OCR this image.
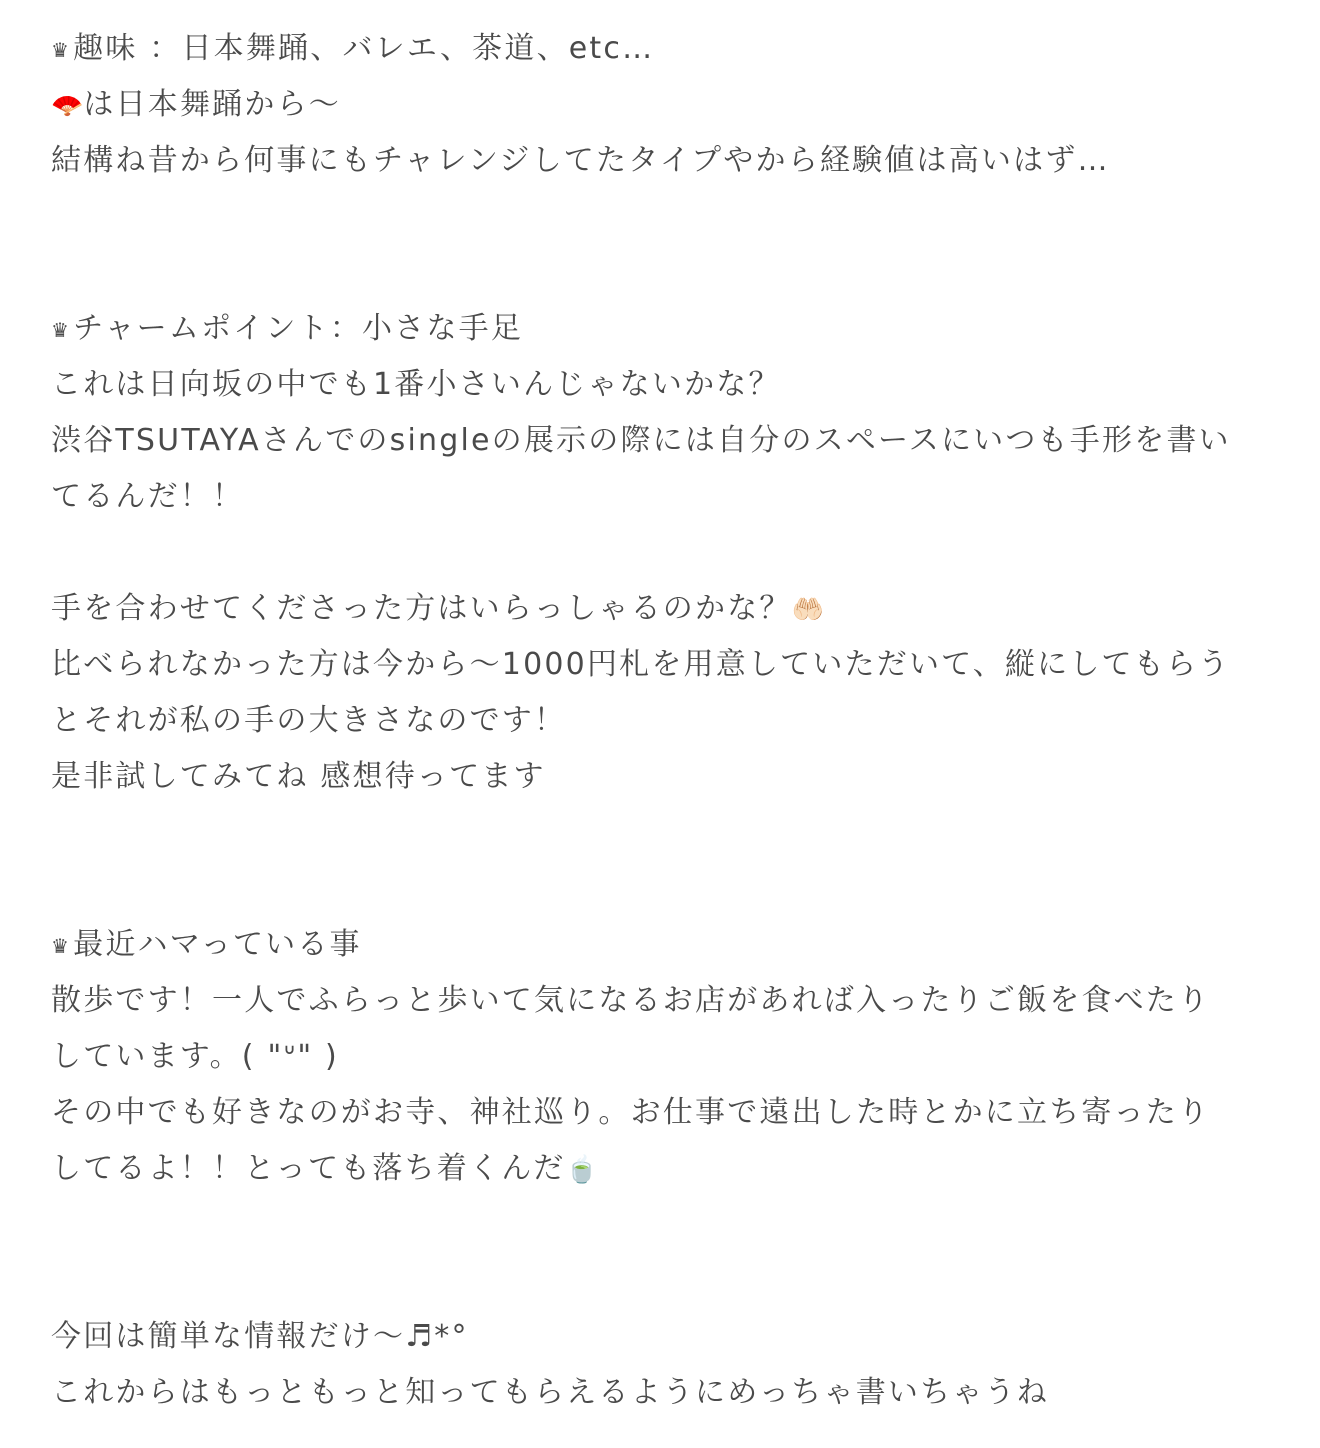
♛趣味 ：日本舞踊、バレエ、茶道、etc…
🪭は日本舞踊から〜
結構ね昔から何事にもチャレンジしてたタイプやから経験値は高いはず…
♛チャームポイント：小さな手足
これは日向坂の中でも1番小さいんじゃないかな？
渋谷TSUTAYAさんでのsingleの展示の際には自分のスペースにいつも手形を書い
てるんだ！！
手を合わせてくださった方はいらっしゃるのかな？🤲🏻
比べられなかった方は今から〜1000円札を用意していただいて、縦にしてもらう
とそれが私の手の大きさなのです！
是非試してみてね 感想待ってます
♛最近ハマっている事
散歩です！一人でふらっと歩いて気になるお店があれば入ったりご飯を食べたり
しています。( "ᐡ" )
その中でも好きなのがお寺、神社巡り。お仕事で遠出した時とかに立ち寄ったり
してるよ！！とっても落ち着くんだ🍵
今回は簡単な情報だけ〜♬*°
これからはもっともっと知ってもらえるようにめっちゃ書いちゃうね
